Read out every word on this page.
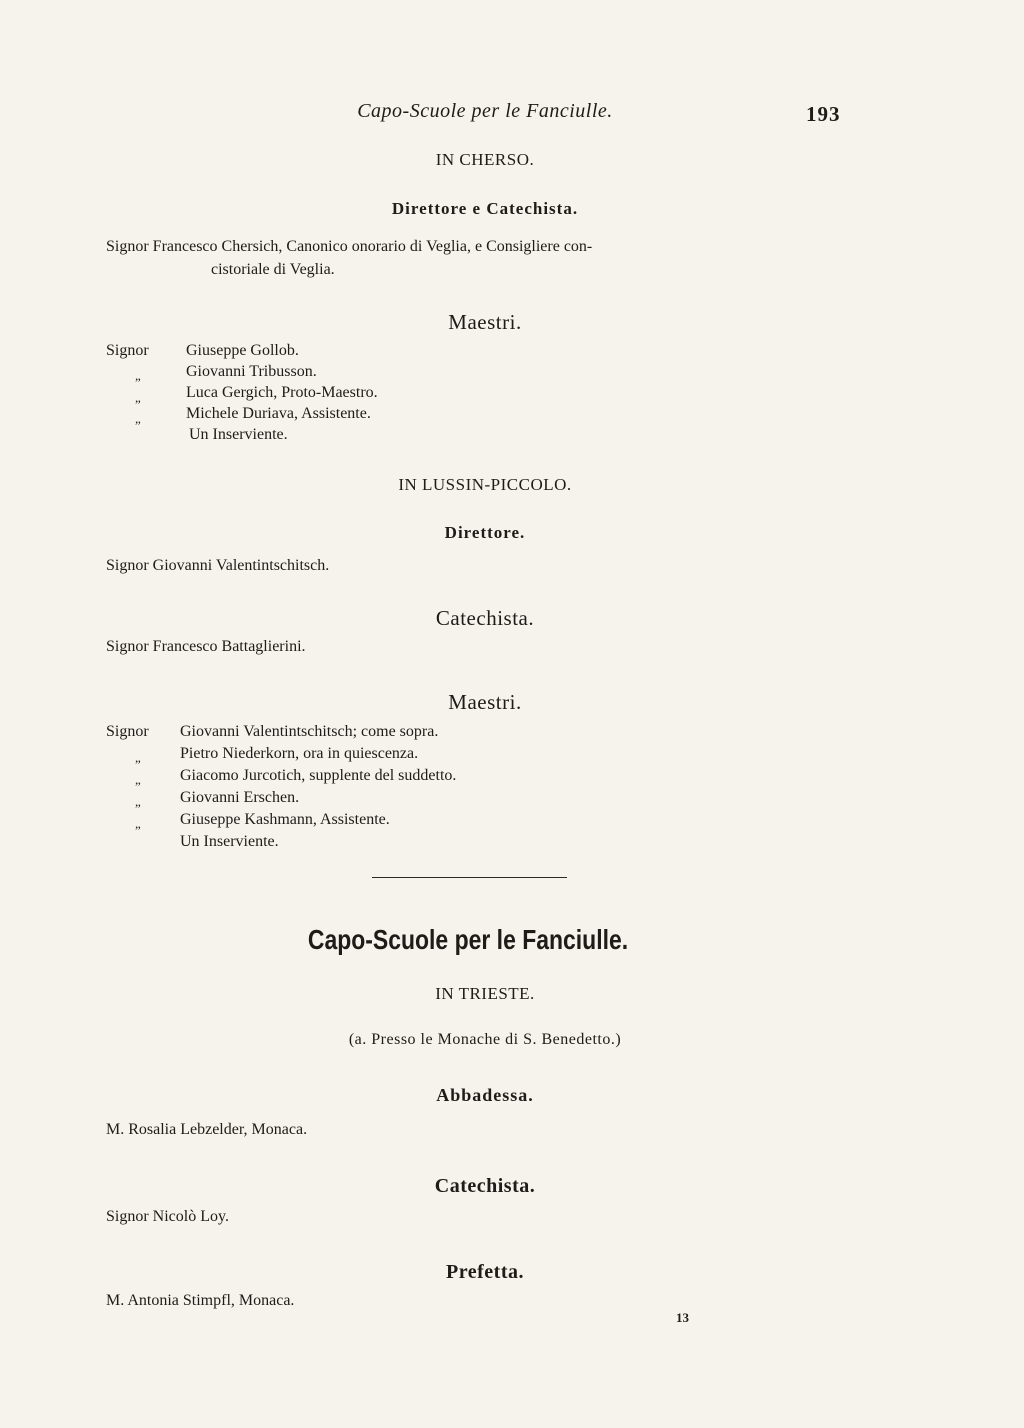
Capo-Scuole per le Fanciulle.	193
IN CHERSO.
Direttore e Catechista.
Signor Francesco Chersich, Canonico onorario di Veglia, e Consigliere con-
cistoriale di Veglia.
Maestri.
Signor Giuseppe Gollob.
„	Giovanni Tribusson.
„	Luca Gergich, Proto-Maestro.
„	Michele Duriava, Assistente.
Un Inserviente.
IN LUSSIN-PICCOLO.
Direttore.
Signor Giovanni Valentintschitsch.
Catechista.
Signor Francesco Battaglierini.
Maestri.
Signor Giovanni Valentintschitsch; come sopra.
„ Pietro Niederkorn, ora in quiescenza.
„ Giacomo Jurcotich, supplente del suddetto.
„ Giovanni Erschen.
„ Giuseppe Kashmann, Assistente.
Un Inserviente.
Capo-Scuole per le Fanciulle.
IN TRIESTE.
(a. Presso le Monache di S. Benedetto.)
Abbadessa.
M. Rosalia Lebzelder, Monaca.
Catechista.
Signor Nicolò Loy.
Prefetta.
M. Antonia Stimpfl, Monaca.
13
